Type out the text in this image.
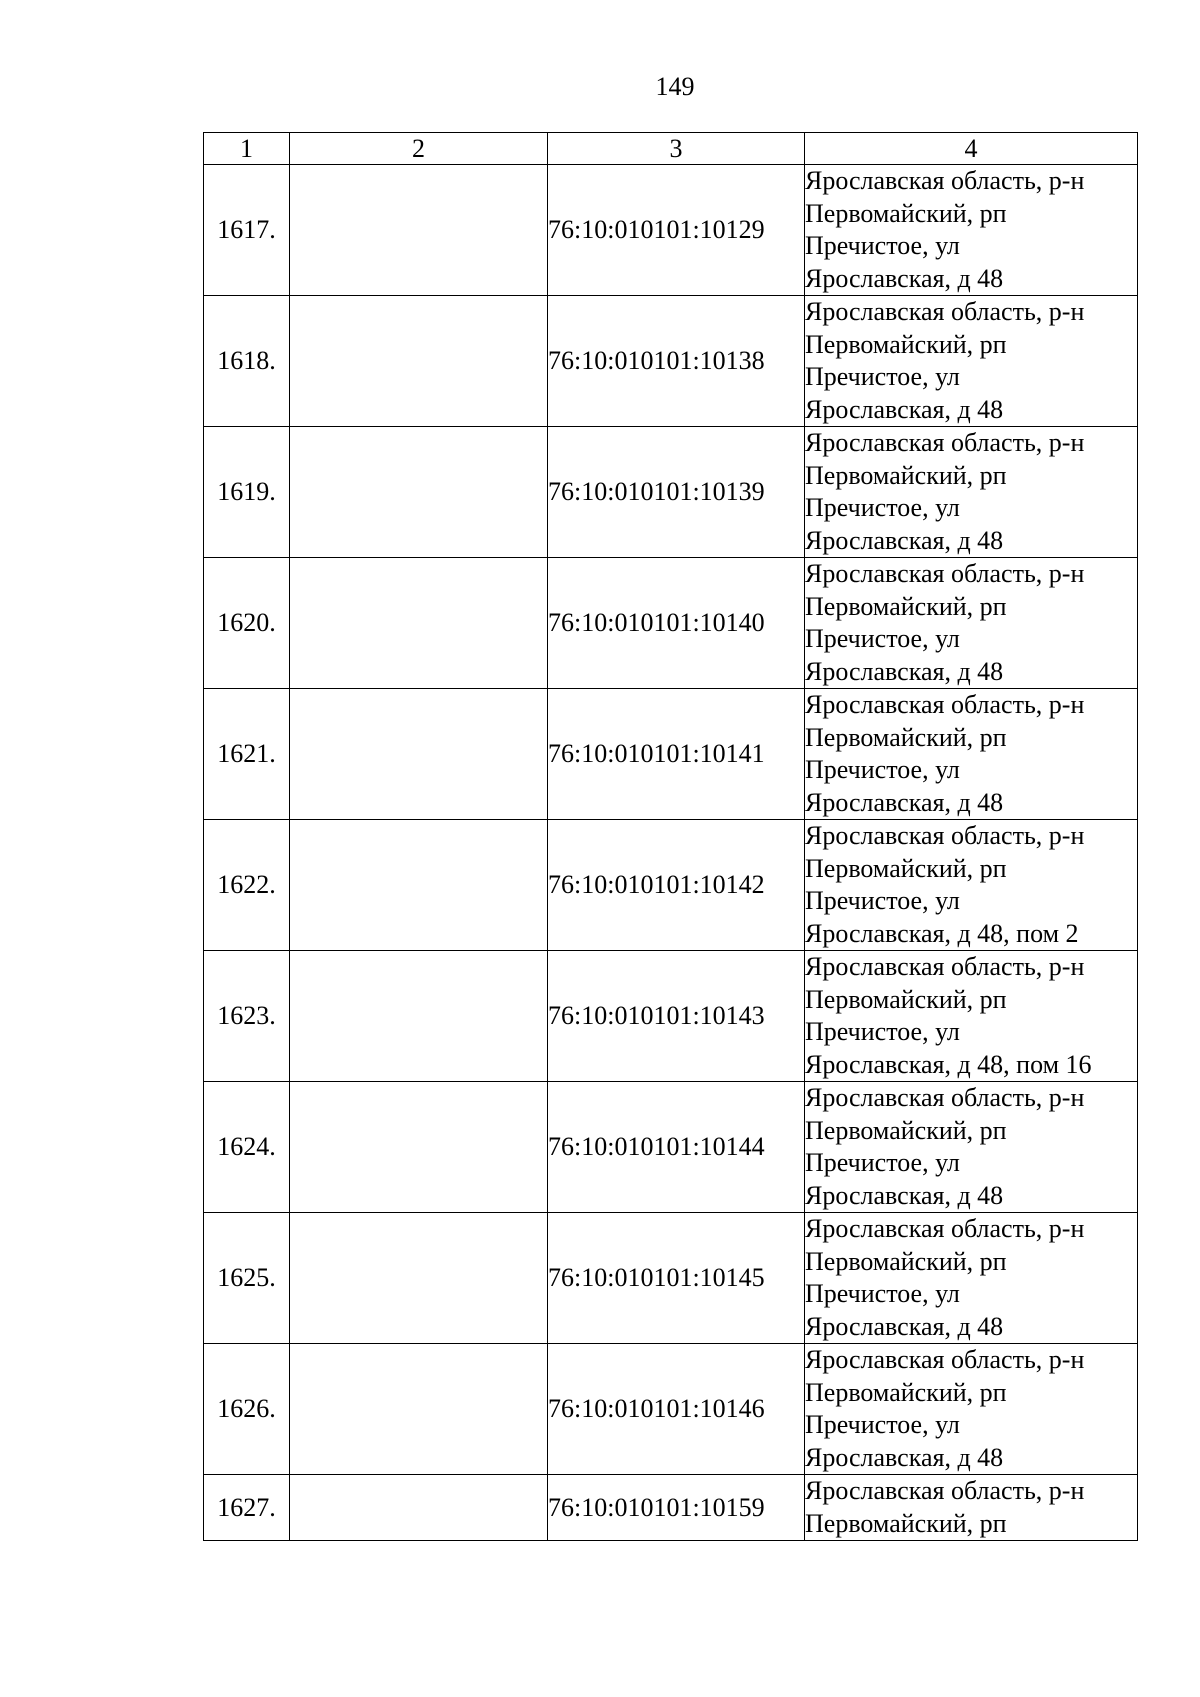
149
1	2	3	4
1617.		76:10:010101:10129	Ярославская область, р-н
Первомайский, рп
Пречистое, ул
Ярославская, д 48

1618.		76:10:010101:10138	Ярославская область, р-н
Первомайский, рп
Пречистое, ул
Ярославская, д 48

1619.		76:10:010101:10139	Ярославская область, р-н
Первомайский, рп
Пречистое, ул
Ярославская, д 48

1620.		76:10:010101:10140	Ярославская область, р-н
Первомайский, рп
Пречистое, ул
Ярославская, д 48

1621.		76:10:010101:10141	Ярославская область, р-н
Первомайский, рп
Пречистое, ул
Ярославская, д 48

1622.		76:10:010101:10142	Ярославская область, р-н
Первомайский, рп
Пречистое, ул
Ярославская, д 48, пом 2

1623.		76:10:010101:10143	Ярославская область, р-н
Первомайский, рп
Пречистое, ул
Ярославская, д 48, пом 16

1624.		76:10:010101:10144	Ярославская область, р-н
Первомайский, рп
Пречистое, ул
Ярославская, д 48

1625.		76:10:010101:10145	Ярославская область, р-н
Первомайский, рп
Пречистое, ул
Ярославская, д 48

1626.		76:10:010101:10146	Ярославская область, р-н
Первомайский, рп
Пречистое, ул
Ярославская, д 48

1627.		76:10:010101:10159	Ярославская область, р-н
Первомайский, рп
